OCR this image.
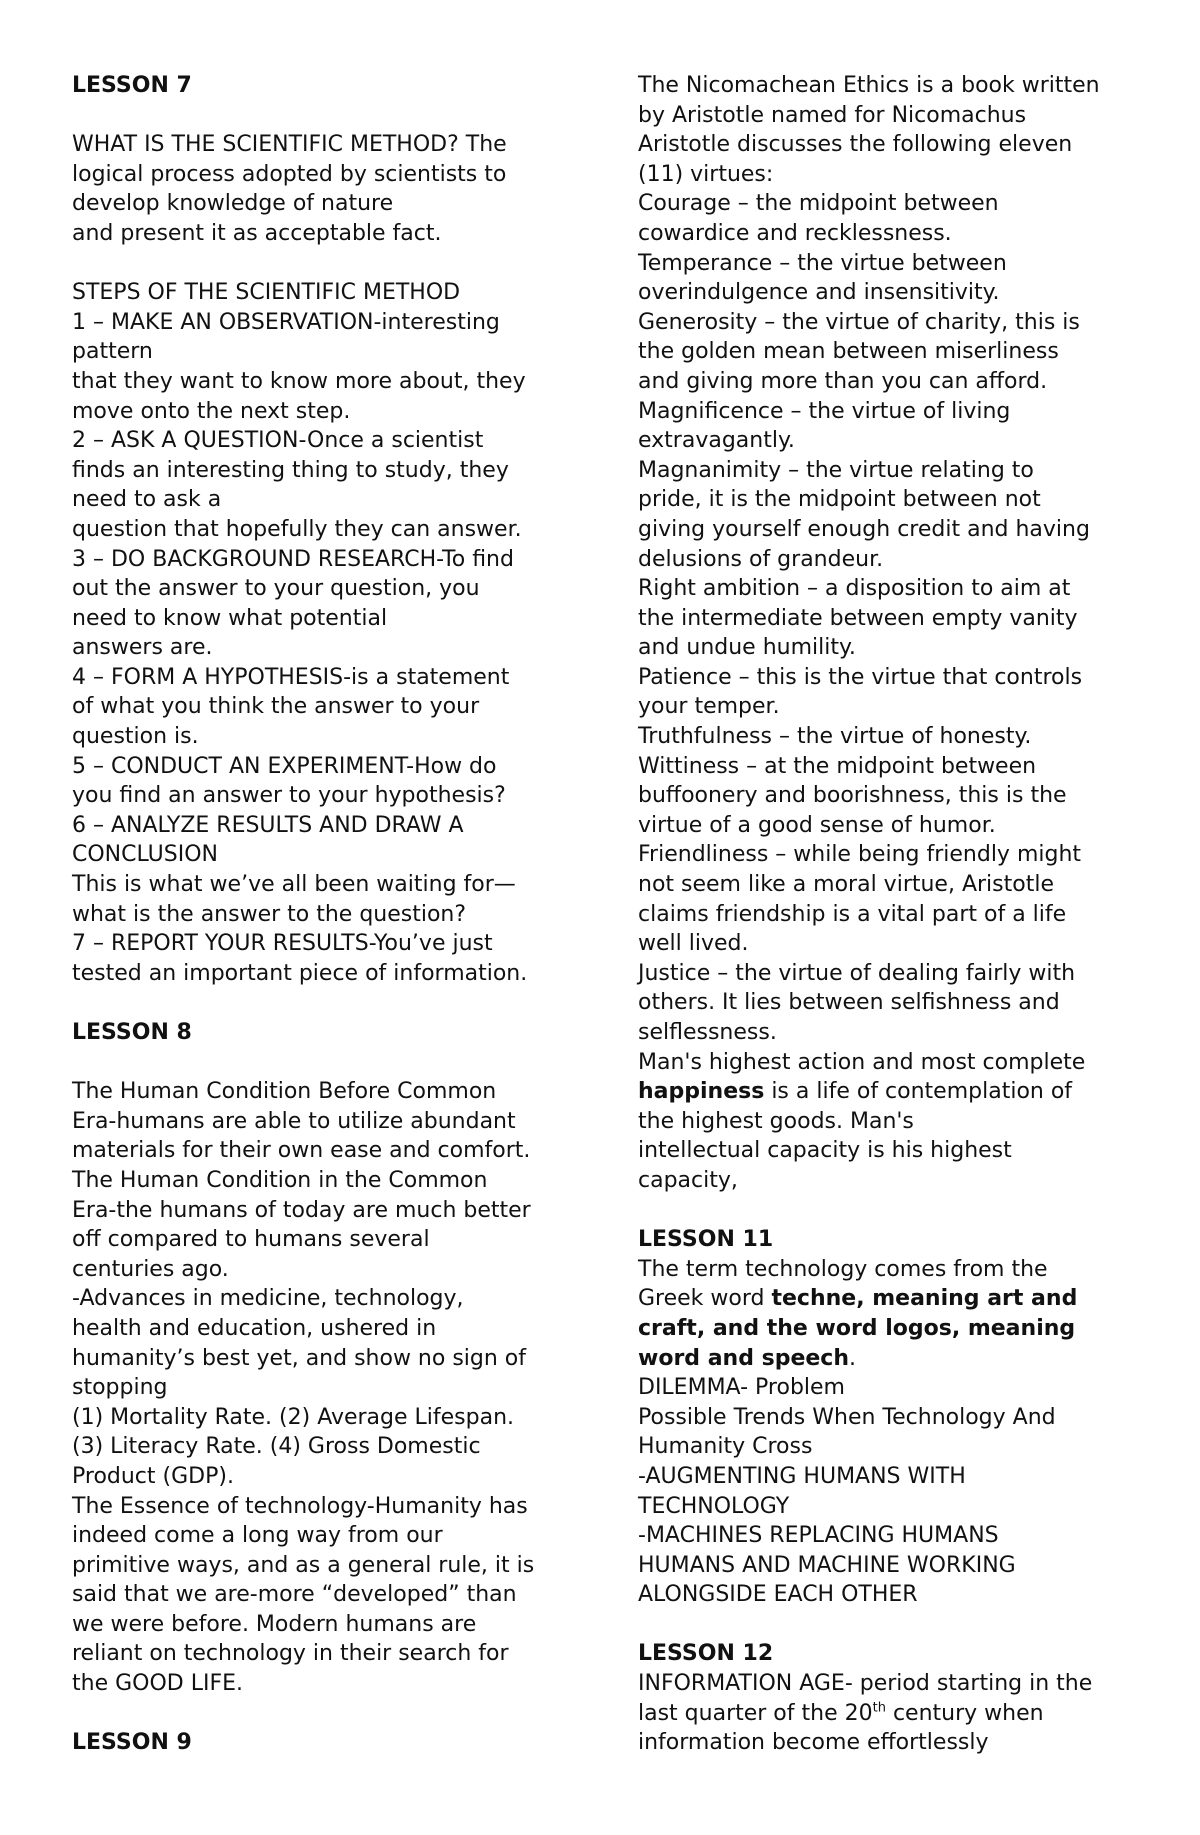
LESSON 7
WHAT IS THE SCIENTIFIC METHOD? The
logical process adopted by scientists to
develop knowledge of nature
and present it as acceptable fact.
STEPS OF THE SCIENTIFIC METHOD
1 – MAKE AN OBSERVATION-interesting
pattern
that they want to know more about, they
move onto the next step.
2 – ASK A QUESTION-Once a scientist
finds an interesting thing to study, they
need to ask a
question that hopefully they can answer.
3 – DO BACKGROUND RESEARCH-To find
out the answer to your question, you
need to know what potential
answers are.
4 – FORM A HYPOTHESIS-is a statement
of what you think the answer to your
question is.
5 – CONDUCT AN EXPERIMENT-How do
you find an answer to your hypothesis?
6 – ANALYZE RESULTS AND DRAW A
CONCLUSION
This is what we’ve all been waiting for—
what is the answer to the question?
7 – REPORT YOUR RESULTS-You’ve just
tested an important piece of information.
LESSON 8
The Human Condition Before Common
Era-humans are able to utilize abundant
materials for their own ease and comfort.
The Human Condition in the Common
Era-the humans of today are much better
off compared to humans several
centuries ago.
-Advances in medicine, technology,
health and education, ushered in
humanity’s best yet, and show no sign of
stopping
(1) Mortality Rate. (2) Average Lifespan.
(3) Literacy Rate. (4) Gross Domestic
Product (GDP).
The Essence of technology-Humanity has
indeed come a long way from our
primitive ways, and as a general rule, it is
said that we are-more “developed” than
we were before. Modern humans are
reliant on technology in their search for
the GOOD LIFE.
LESSON 9
The Nicomachean Ethics is a book written
by Aristotle named for Nicomachus
Aristotle discusses the following eleven
(11) virtues:
Courage – the midpoint between
cowardice and recklessness.
Temperance – the virtue between
overindulgence and insensitivity.
Generosity – the virtue of charity, this is
the golden mean between miserliness
and giving more than you can afford.
Magnificence – the virtue of living
extravagantly.
Magnanimity – the virtue relating to
pride, it is the midpoint between not
giving yourself enough credit and having
delusions of grandeur.
Right ambition – a disposition to aim at
the intermediate between empty vanity
and undue humility.
Patience – this is the virtue that controls
your temper.
Truthfulness – the virtue of honesty.
Wittiness – at the midpoint between
buffoonery and boorishness, this is the
virtue of a good sense of humor.
Friendliness – while being friendly might
not seem like a moral virtue, Aristotle
claims friendship is a vital part of a life
well lived.
Justice – the virtue of dealing fairly with
others. It lies between selfishness and
selflessness.
Man's highest action and most complete
happiness is a life of contemplation of
the highest goods. Man's
intellectual capacity is his highest
capacity,
LESSON 11
The term technology comes from the
Greek word techne, meaning art and
craft, and the word logos, meaning
word and speech.
DILEMMA- Problem
Possible Trends When Technology And
Humanity Cross
-AUGMENTING HUMANS WITH
TECHNOLOGY
-MACHINES REPLACING HUMANS
HUMANS AND MACHINE WORKING
ALONGSIDE EACH OTHER
LESSON 12
INFORMATION AGE- period starting in the
last quarter of the 20th century when
information become effortlessly
